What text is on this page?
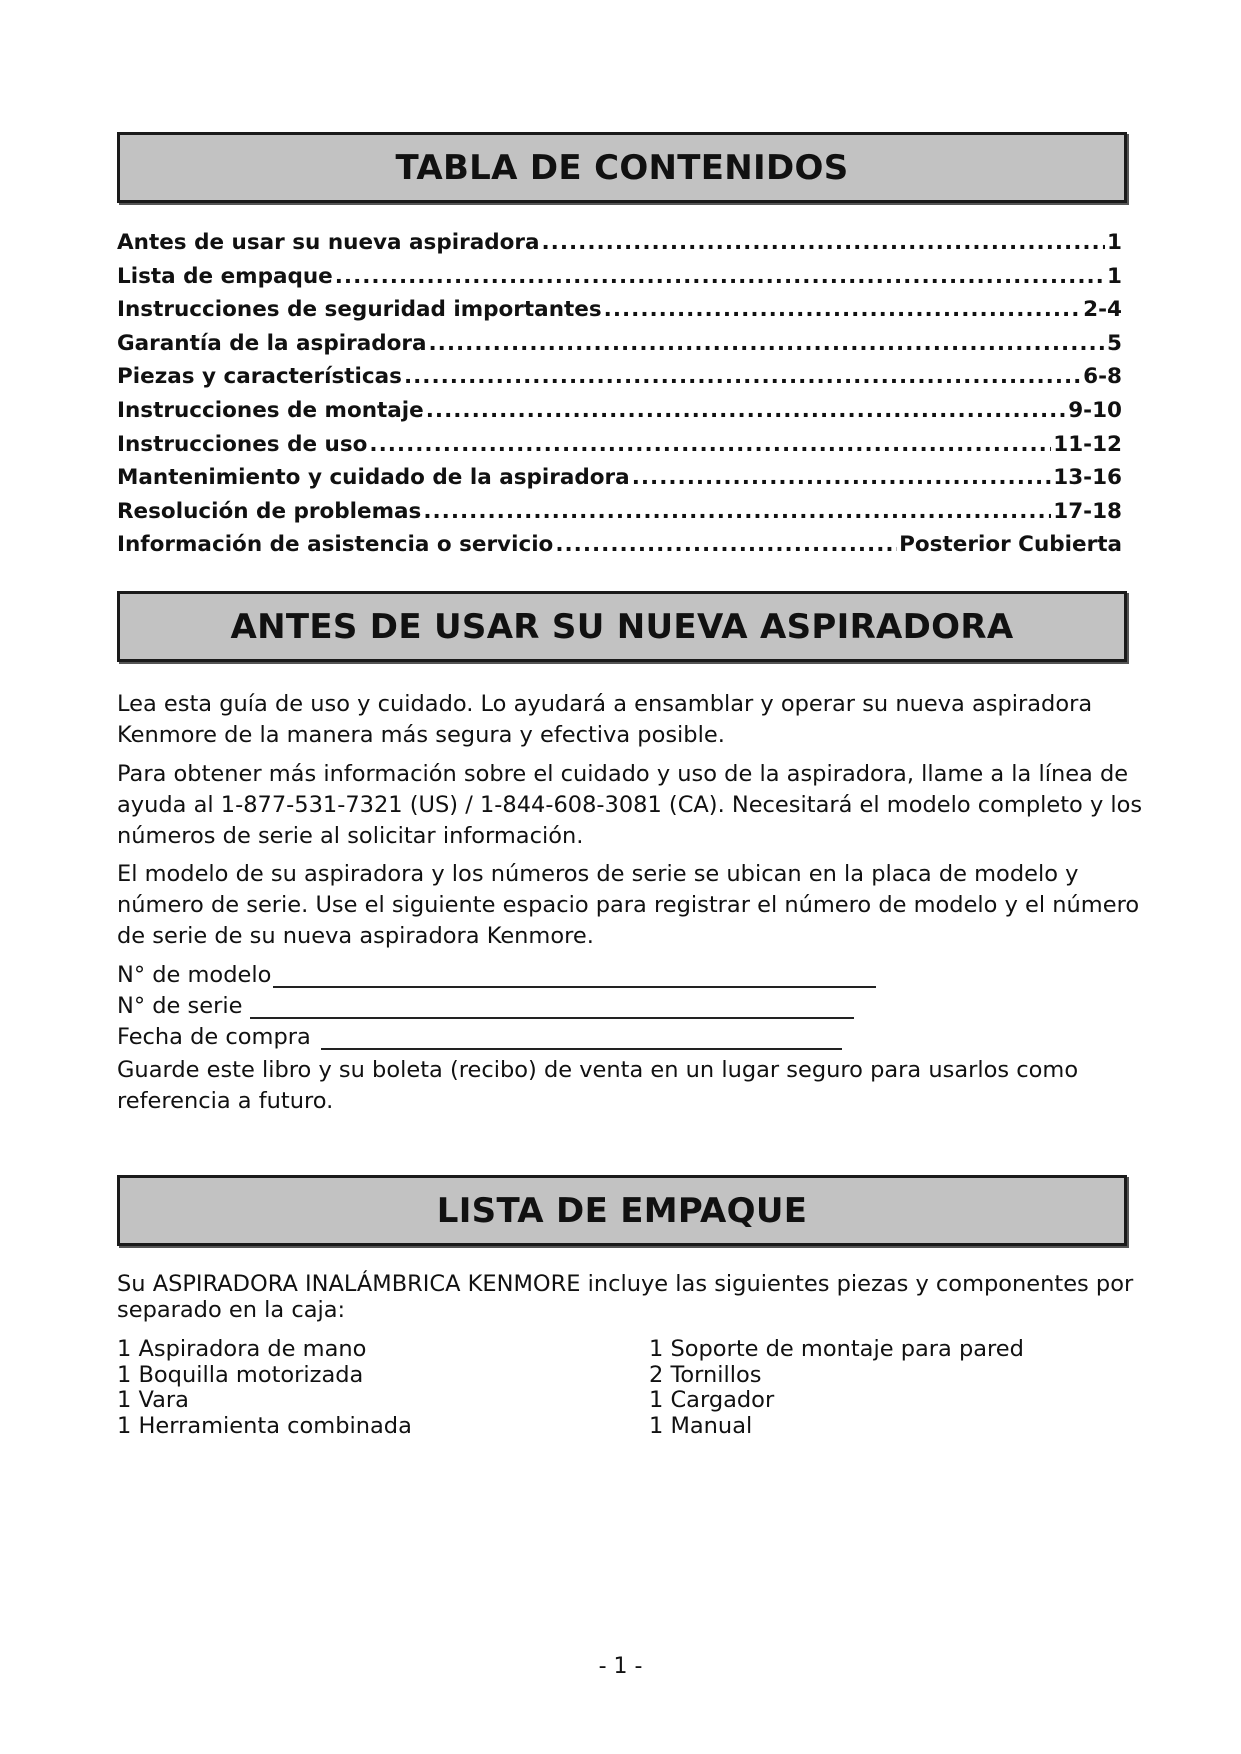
TABLA DE CONTENIDOS
Antes de usar su nueva aspiradora .....	1
Lista de empaque .....	1
Instrucciones de seguridad importantes .....	2-4
Garantía de la aspiradora .....	5
Piezas y características .....	6-8
Instrucciones de montaje .....	9-10
Instrucciones de uso .....	11-12
Mantenimiento y cuidado de la aspiradora .....	13-16
Resolución de problemas .....	17-18
Información de asistencia o servicio .....	Posterior Cubierta
ANTES DE USAR SU NUEVA ASPIRADORA

Lea esta guía de uso y cuidado. Lo ayudará a ensamblar y operar su nueva aspiradora Kenmore de la manera más segura y efectiva posible.

Para obtener más información sobre el cuidado y uso de la aspiradora, llame a la línea de ayuda al 1-877-531-7321 (US) / 1-844-608-3081 (CA). Necesitará el modelo completo y los números de serie al solicitar información.

El modelo de su aspiradora y los números de serie se ubican en la placa de modelo y número de serie. Use el siguiente espacio para registrar el número de modelo y el número de serie de su nueva aspiradora Kenmore.

N° de modelo
N° de serie
Fecha de compra

Guarde este libro y su boleta (recibo) de venta en un lugar seguro para usarlos como referencia a futuro.

LISTA DE EMPAQUE

Su ASPIRADORA INALÁMBRICA KENMORE incluye las siguientes piezas y componentes por separado en la caja:

1 Aspiradora de mano
1 Boquilla motorizada
1 Vara
1 Herramienta combinada
1 Soporte de montaje para pared
2 Tornillos
1 Cargador
1 Manual
- 1 -
